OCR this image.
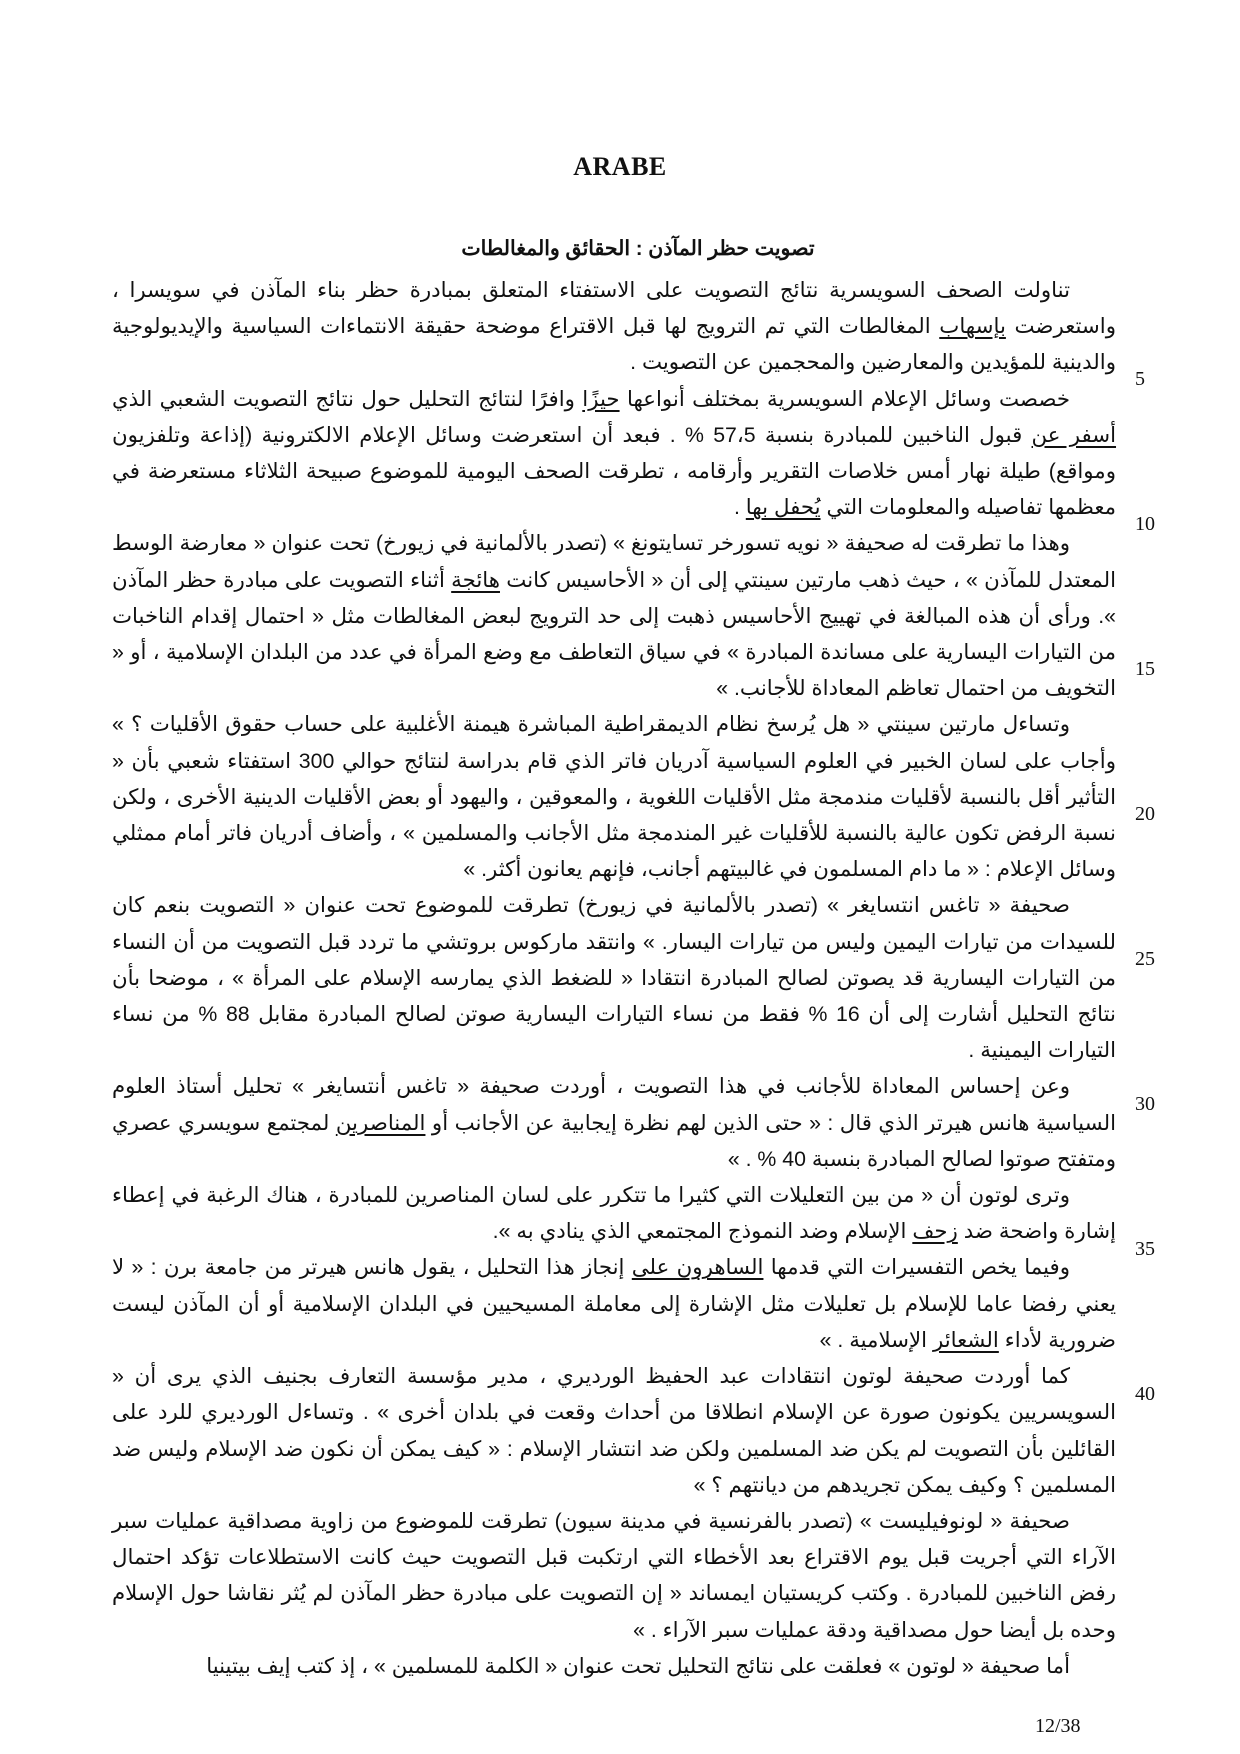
ARABE
تصويت حظر المآذن : الحقائق والمغالطات

تناولت الصحف السويسرية نتائج التصويت على الاستفتاء المتعلق بمبادرة حظر بناء المآذن في سويسرا ، واستعرضت بإسهاب المغالطات التي تم الترويج لها قبل الاقتراع موضحة حقيقة الانتماءات السياسية والإيديولوجية والدينية للمؤيدين والمعارضين والمحجمين عن التصويت .

خصصت وسائل الإعلام السويسرية بمختلف أنواعها حيزًا وافرًا لنتائج التحليل حول نتائج التصويت الشعبي الذي أسفر عن قبول الناخبين للمبادرة بنسبة 57،5 % . فبعد أن استعرضت وسائل الإعلام الالكترونية (إذاعة وتلفزيون ومواقع) طيلة نهار أمس خلاصات التقرير وأرقامه ، تطرقت الصحف اليومية للموضوع صبيحة الثلاثاء مستعرضة في معظمها تفاصيله والمعلومات التي يُحفل بها .

وهذا ما تطرقت له صحيفة « نويه تسورخر تسايتونغ » (تصدر بالألمانية في زيورخ) تحت عنوان « معارضة الوسط المعتدل للمآذن » ، حيث ذهب مارتين سينتي إلى أن « الأحاسيس كانت هائجة أثناء التصويت على مبادرة حظر المآذن ». ورأى أن هذه المبالغة في تهييج الأحاسيس ذهبت إلى حد الترويج لبعض المغالطات مثل « احتمال إقدام الناخبات من التيارات اليسارية على مساندة المبادرة » في سياق التعاطف مع وضع المرأة في عدد من البلدان الإسلامية ، أو « التخويف من احتمال تعاظم المعاداة للأجانب. »

وتساءل مارتين سينتي « هل يُرسخ نظام الديمقراطية المباشرة هيمنة الأغلبية على حساب حقوق الأقليات ؟ » وأجاب على لسان الخبير في العلوم السياسية آدريان فاتر الذي قام بدراسة لنتائج حوالي 300 استفتاء شعبي بأن « التأثير أقل بالنسبة لأقليات مندمجة مثل الأقليات اللغوية ، والمعوقين ، واليهود أو بعض الأقليات الدينية الأخرى ، ولكن نسبة الرفض تكون عالية بالنسبة للأقليات غير المندمجة مثل الأجانب والمسلمين » ، وأضاف أدريان فاتر أمام ممثلي وسائل الإعلام : « ما دام المسلمون في غالبيتهم أجانب، فإنهم يعانون أكثر. »

صحيفة « تاغس انتسايغر » (تصدر بالألمانية في زيورخ) تطرقت للموضوع تحت عنوان « التصويت بنعم كان للسيدات من تيارات اليمين وليس من تيارات اليسار. » وانتقد ماركوس بروتشي ما تردد قبل التصويت من أن النساء من التيارات اليسارية قد يصوتن لصالح المبادرة انتقادا « للضغط الذي يمارسه الإسلام على المرأة » ، موضحا بأن نتائج التحليل أشارت إلى أن 16 % فقط من نساء التيارات اليسارية صوتن لصالح المبادرة مقابل 88 % من نساء التيارات اليمينية .

وعن إحساس المعاداة للأجانب في هذا التصويت ، أوردت صحيفة « تاغس أنتسايغر » تحليل أستاذ العلوم السياسية هانس هيرتر الذي قال : « حتى الذين لهم نظرة إيجابية عن الأجانب أو المناصرين لمجتمع سويسري عصري ومتفتح صوتوا لصالح المبادرة بنسبة 40 % . »

وترى لوتون أن « من بين التعليلات التي كثيرا ما تتكرر على لسان المناصرين للمبادرة ، هناك الرغبة في إعطاء إشارة واضحة ضد زحف الإسلام وضد النموذج المجتمعي الذي ينادي به ».

وفيما يخص التفسيرات التي قدمها الساهرون على إنجاز هذا التحليل ، يقول هانس هيرتر من جامعة برن : « لا يعني رفضا عاما للإسلام بل تعليلات مثل الإشارة إلى معاملة المسيحيين في البلدان الإسلامية أو أن المآذن ليست ضرورية لأداء الشعائر الإسلامية . »

كما أوردت صحيفة لوتون انتقادات عبد الحفيظ الورديري ، مدير مؤسسة التعارف بجنيف الذي يرى أن « السويسريين يكونون صورة عن الإسلام انطلاقا من أحداث وقعت في بلدان أخرى » . وتساءل الورديري للرد على القائلين بأن التصويت لم يكن ضد المسلمين ولكن ضد انتشار الإسلام : « كيف يمكن أن نكون ضد الإسلام وليس ضد المسلمين ؟ وكيف يمكن تجريدهم من ديانتهم ؟ »

صحيفة « لونوفيليست » (تصدر بالفرنسية في مدينة سيون) تطرقت للموضوع من زاوية مصداقية عمليات سبر الآراء التي أجريت قبل يوم الاقتراع بعد الأخطاء التي ارتكبت قبل التصويت حيث كانت الاستطلاعات تؤكد احتمال رفض الناخبين للمبادرة . وكتب كريستيان ايمساند « إن التصويت على مبادرة حظر المآذن لم يُثر نقاشا حول الإسلام وحده بل أيضا حول مصداقية ودقة عمليات سبر الآراء . »

أما صحيفة « لوتون » فعلقت على نتائج التحليل تحت عنوان « الكلمة للمسلمين » ، إذ كتب إيف بيتينيا

5
10
15
20
25
30
35
40
12/38
